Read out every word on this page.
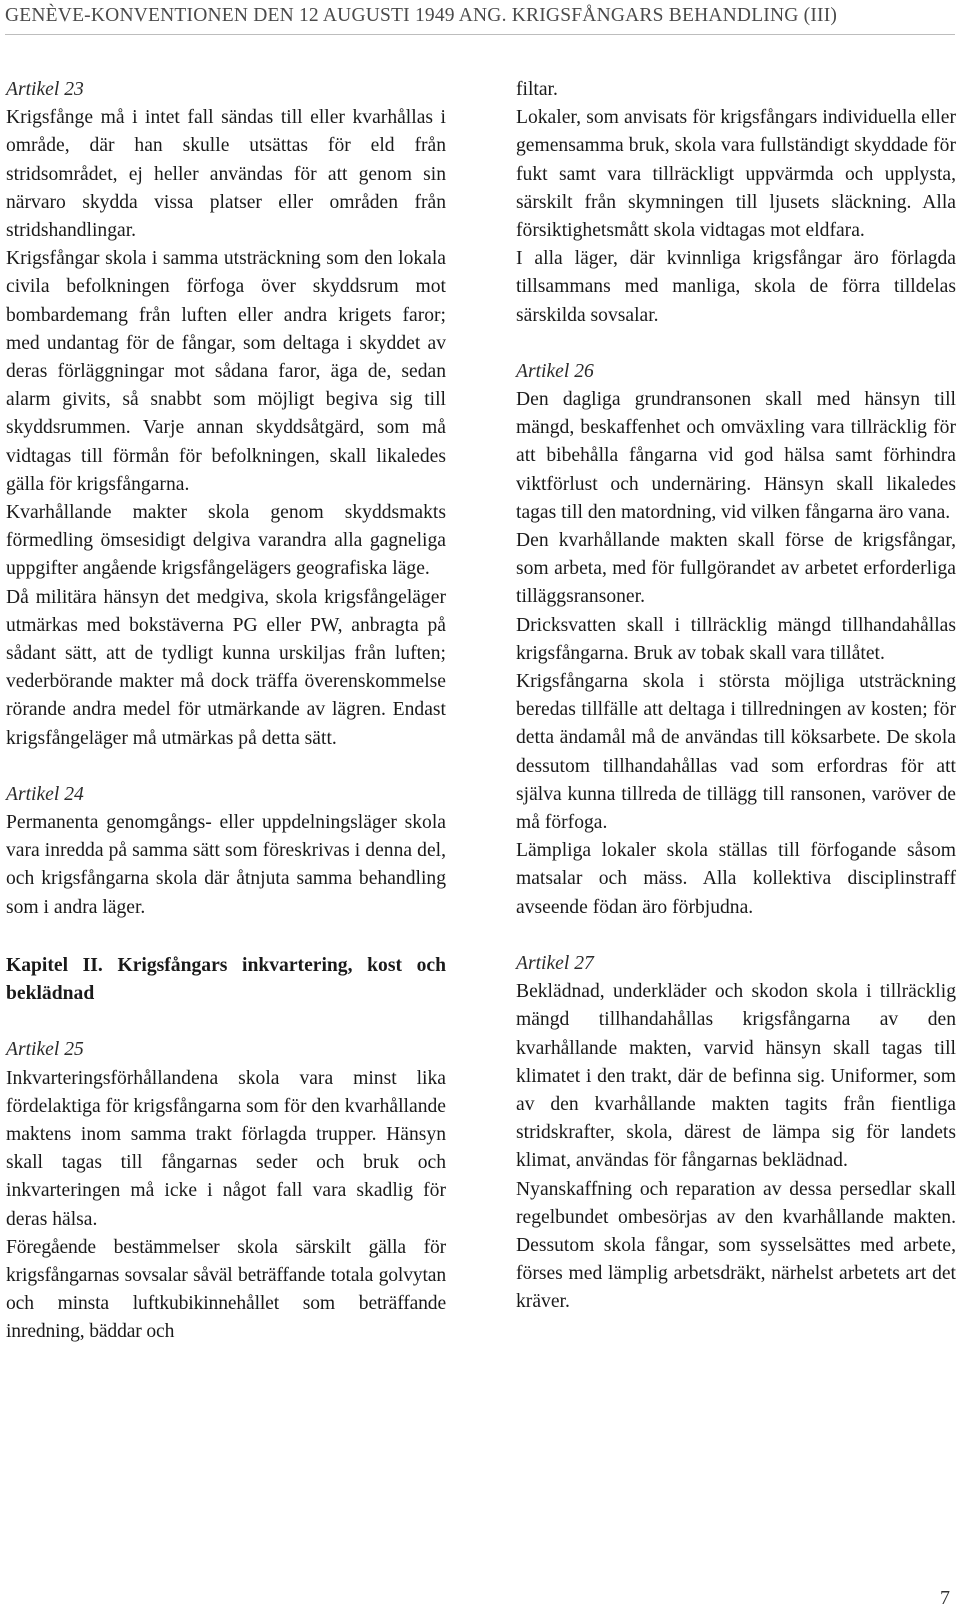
GENÈVE-KONVENTIONEN DEN 12 AUGUSTI 1949 ANG. KRIGSFÅNGARS BEHANDLING (III)

Artikel 23

Krigsfånge må i intet fall sändas till eller kvarhållas i område, där han skulle utsättas för eld från stridsområdet, ej heller användas för att genom sin närvaro skydda vissa platser eller områden från stridshandlingar.

Krigsfångar skola i samma utsträckning som den lokala civila befolkningen förfoga över skyddsrum mot bombardemang från luften eller andra krigets faror; med undantag för de fångar, som deltaga i skyddet av deras förläggningar mot sådana faror, äga de, sedan alarm givits, så snabbt som möjligt begiva sig till skyddsrummen. Varje annan skyddsåtgärd, som må vidtagas till förmån för befolkningen, skall likaledes gälla för krigsfångarna.

Kvarhållande makter skola genom skyddsmakts förmedling ömsesidigt delgiva varandra alla gagneliga uppgifter angående krigsfångelägers geografiska läge.

Då militära hänsyn det medgiva, skola krigsfångeläger utmärkas med bokstäverna PG eller PW, anbragta på sådant sätt, att de tydligt kunna urskiljas från luften; vederbörande makter må dock träffa överenskommelse rörande andra medel för utmärkande av lägren. Endast krigsfångeläger må utmärkas på detta sätt.

Artikel 24

Permanenta genomgångs- eller uppdelningsläger skola vara inredda på samma sätt som föreskrivas i denna del, och krigsfångarna skola där åtnjuta samma behandling som i andra läger.

Kapitel II. Krigsfångars inkvartering, kost och beklädnad

Artikel 25

Inkvarteringsförhållandena skola vara minst lika fördelaktiga för krigsfångarna som för den kvarhållande maktens inom samma trakt förlagda trupper. Hänsyn skall tagas till fångarnas seder och bruk och inkvarteringen må icke i något fall vara skadlig för deras hälsa.

Föregående bestämmelser skola särskilt gälla för krigsfångarnas sovsalar såväl beträffande totala golvytan och minsta luftkubikinnehållet som beträffande inredning, bäddar och

filtar.

Lokaler, som anvisats för krigsfångars individuella eller gemensamma bruk, skola vara fullständigt skyddade för fukt samt vara tillräckligt uppvärmda och upplysta, särskilt från skymningen till ljusets släckning. Alla försiktighetsmått skola vidtagas mot eldfara.

I alla läger, där kvinnliga krigsfångar äro förlagda tillsammans med manliga, skola de förra tilldelas särskilda sovsalar.

Artikel 26

Den dagliga grundransonen skall med hänsyn till mängd, beskaffenhet och omväxling vara tillräcklig för att bibehålla fångarna vid god hälsa samt förhindra viktförlust och undernäring. Hänsyn skall likaledes tagas till den matordning, vid vilken fångarna äro vana.

Den kvarhållande makten skall förse de krigsfångar, som arbeta, med för fullgörandet av arbetet erforderliga tilläggsransoner.

Dricksvatten skall i tillräcklig mängd tillhandahållas krigsfångarna. Bruk av tobak skall vara tillåtet.

Krigsfångarna skola i största möjliga utsträckning beredas tillfälle att deltaga i tillredningen av kosten; för detta ändamål må de användas till köksarbete. De skola dessutom tillhandahållas vad som erfordras för att själva kunna tillreda de tillägg till ransonen, varöver de må förfoga.

Lämpliga lokaler skola ställas till förfogande såsom matsalar och mäss. Alla kollektiva disciplinstraff avseende födan äro förbjudna.

Artikel 27

Beklädnad, underkläder och skodon skola i tillräcklig mängd tillhandahållas krigsfångarna av den kvarhållande makten, varvid hänsyn skall tagas till klimatet i den trakt, där de befinna sig. Uniformer, som av den kvarhållande makten tagits från fientliga stridskrafter, skola, därest de lämpa sig för landets klimat, användas för fångarnas beklädnad.

Nyanskaffning och reparation av dessa persedlar skall regelbundet ombesörjas av den kvarhållande makten. Dessutom skola fångar, som sysselsättes med arbete, förses med lämplig arbetsdräkt, närhelst arbetets art det kräver.

7
